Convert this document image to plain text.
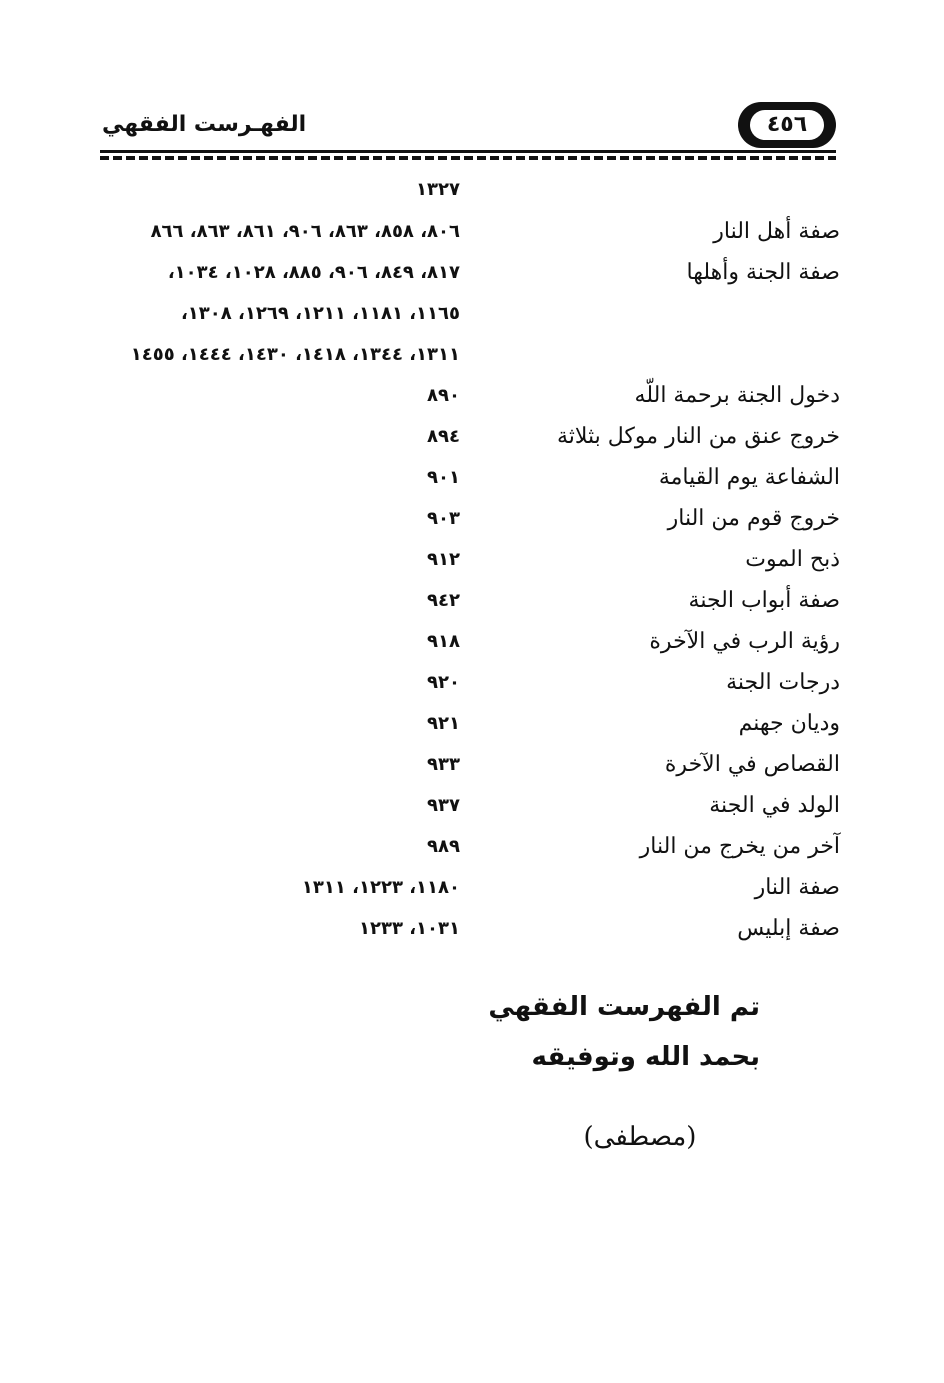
٤٥٦
الفهـرست الفقهي
١٣٢٧
صفة أهل النار
٨٠٦، ٨٥٨، ٨٦٣، ٩٠٦، ٨٦١، ٨٦٣، ٨٦٦
صفة الجنة وأهلها
٨١٧، ٨٤٩، ٩٠٦، ٨٨٥، ١٠٢٨، ١٠٣٤،
١١٦٥، ١١٨١، ١٢١١، ١٢٦٩، ١٣٠٨،
١٣١١، ١٣٤٤، ١٤١٨، ١٤٣٠، ١٤٤٤، ١٤٥٥
دخول الجنة برحمة اللّه
٨٩٠
خروج عنق من النار موكل بثلاثة
٨٩٤
الشفاعة يوم القيامة
٩٠١
خروج قوم من النار
٩٠٣
ذبح الموت
٩١٢
صفة أبواب الجنة
٩٤٢
رؤية الرب في الآخرة
٩١٨
درجات الجنة
٩٢٠
وديان جهنم
٩٢١
القصاص في الآخرة
٩٣٣
الولد في الجنة
٩٣٧
آخر من يخرج من النار
٩٨٩
صفة النار
١١٨٠، ١٢٢٣، ١٣١١
صفة إبليس
١٠٣١، ١٢٣٣
تم الفهرست الفقهي
بحمد الله وتوفيقه
(مصطفى)
